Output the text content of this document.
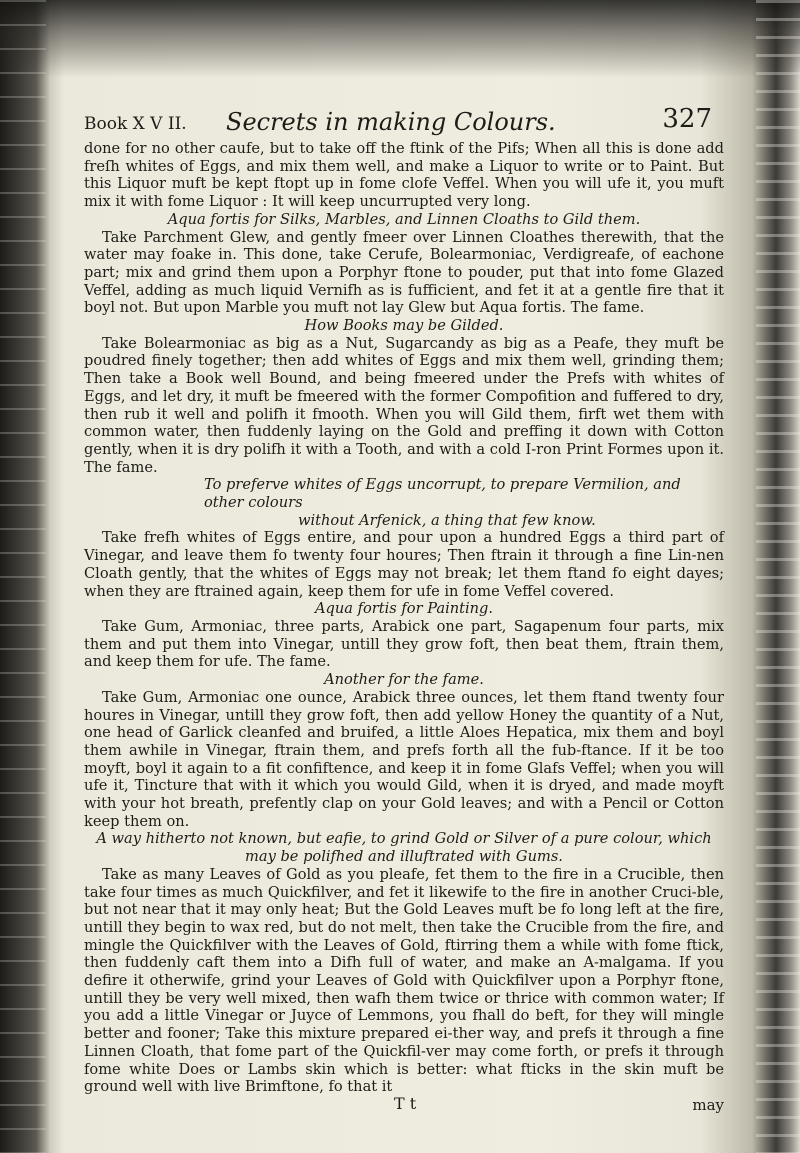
Book X V II. Secrets in making Colours.	327

done for no other caufe, but to take off the ftink of the Pifs; When all this is done add freſh whites of Eggs, and mix them well, and make a Liquor to write or to Paint. But this Liquor muft be kept ftopt up in fome clofe Veffel. When you will ufe it, you muft mix it with fome Liquor : It will keep uncurrupted very long.

Aqua fortis for Silks, Marbles, and Linnen Cloaths to Gild them.

Take Parchment Glew, and gently fmeer over Linnen Cloathes therewith, that the water may foake in. This done, take Cerufe, Bolearmoniac, Verdigreafe, of eachone part; mix and grind them upon a Porphyr ftone to pouder, put that into fome Glazed Veffel, adding as much liquid Vernifh as is fufficient, and fet it at a gentle fire that it boyl not. But upon Marble you muft not lay Glew but Aqua fortis. The fame.

How Books may be Gilded.

Take Bolearmoniac as big as a Nut, Sugarcandy as big as a Peafe, they muft be poudred finely together; then add whites of Eggs and mix them well, grinding them; Then take a Book well Bound, and being fmeered under the Prefs with whites of Eggs, and let dry, it muft be fmeered with the former Compofition and fuffered to dry, then rub it well and polifh it fmooth. When you will Gild them, firft wet them with common water, then fuddenly laying on the Gold and preffing it down with Cotton gently, when it is dry polifh it with a Tooth, and with a cold I-ron Print Formes upon it. The fame.

To preferve whites of Eggs uncorrupt, to prepare Vermilion, and other colours

without Arfenick, a thing that few know.

Take frefh whites of Eggs entire, and pour upon a hundred Eggs a third part of Vinegar, and leave them fo twenty four houres; Then ftrain it through a fine Lin-nen Cloath gently, that the whites of Eggs may not break; let them ftand fo eight dayes; when they are ftrained again, keep them for ufe in fome Veffel covered.

Aqua fortis for Painting.

Take Gum, Armoniac, three parts, Arabick one part, Sagapenum four parts, mix them and put them into Vinegar, untill they grow foft, then beat them, ftrain them, and keep them for ufe. The fame.

Another for the fame.

Take Gum, Armoniac one ounce, Arabick three ounces, let them ftand twenty four houres in Vinegar, untill they grow foft, then add yellow Honey the quantity of a Nut, one head of Garlick cleanfed and bruifed, a little Aloes Hepatica, mix them and boyl them awhile in Vinegar, ftrain them, and prefs forth all the fub-ftance. If it be too moyft, boyl it again to a fit confiftence, and keep it in fome Glafs Veffel; when you will ufe it, Tincture that with it which you would Gild, when it is dryed, and made moyft with your hot breath, prefently clap on your Gold leaves; and with a Pencil or Cotton keep them on.

A way hitherto not known, but eafie, to grind Gold or Silver of a pure colour, which may be polifhed and illuftrated with Gums.

Take as many Leaves of Gold as you pleafe, fet them to the fire in a Crucible, then take four times as much Quickfilver, and fet it likewife to the fire in another Cruci-ble, but not near that it may only heat; But the Gold Leaves muft be fo long left at the fire, untill they begin to wax red, but do not melt, then take the Crucible from the fire, and mingle the Quickfilver with the Leaves of Gold, ftirring them a while with fome ftick, then fuddenly caft them into a Difh full of water, and make an A-malgama. If you defire it otherwife, grind your Leaves of Gold with Quickfilver upon a Porphyr ftone, untill they be very well mixed, then wafh them twice or thrice with common water; If you add a little Vinegar or Juyce of Lemmons, you fhall do beft, for they will mingle better and fooner; Take this mixture prepared ei-ther way, and prefs it through a fine Linnen Cloath, that fome part of the Quickfil-ver may come forth, or prefs it through fome white Does or Lambs skin which is better: what fticks in the skin muft be ground well with live Brimftone, fo that it

T t	may
